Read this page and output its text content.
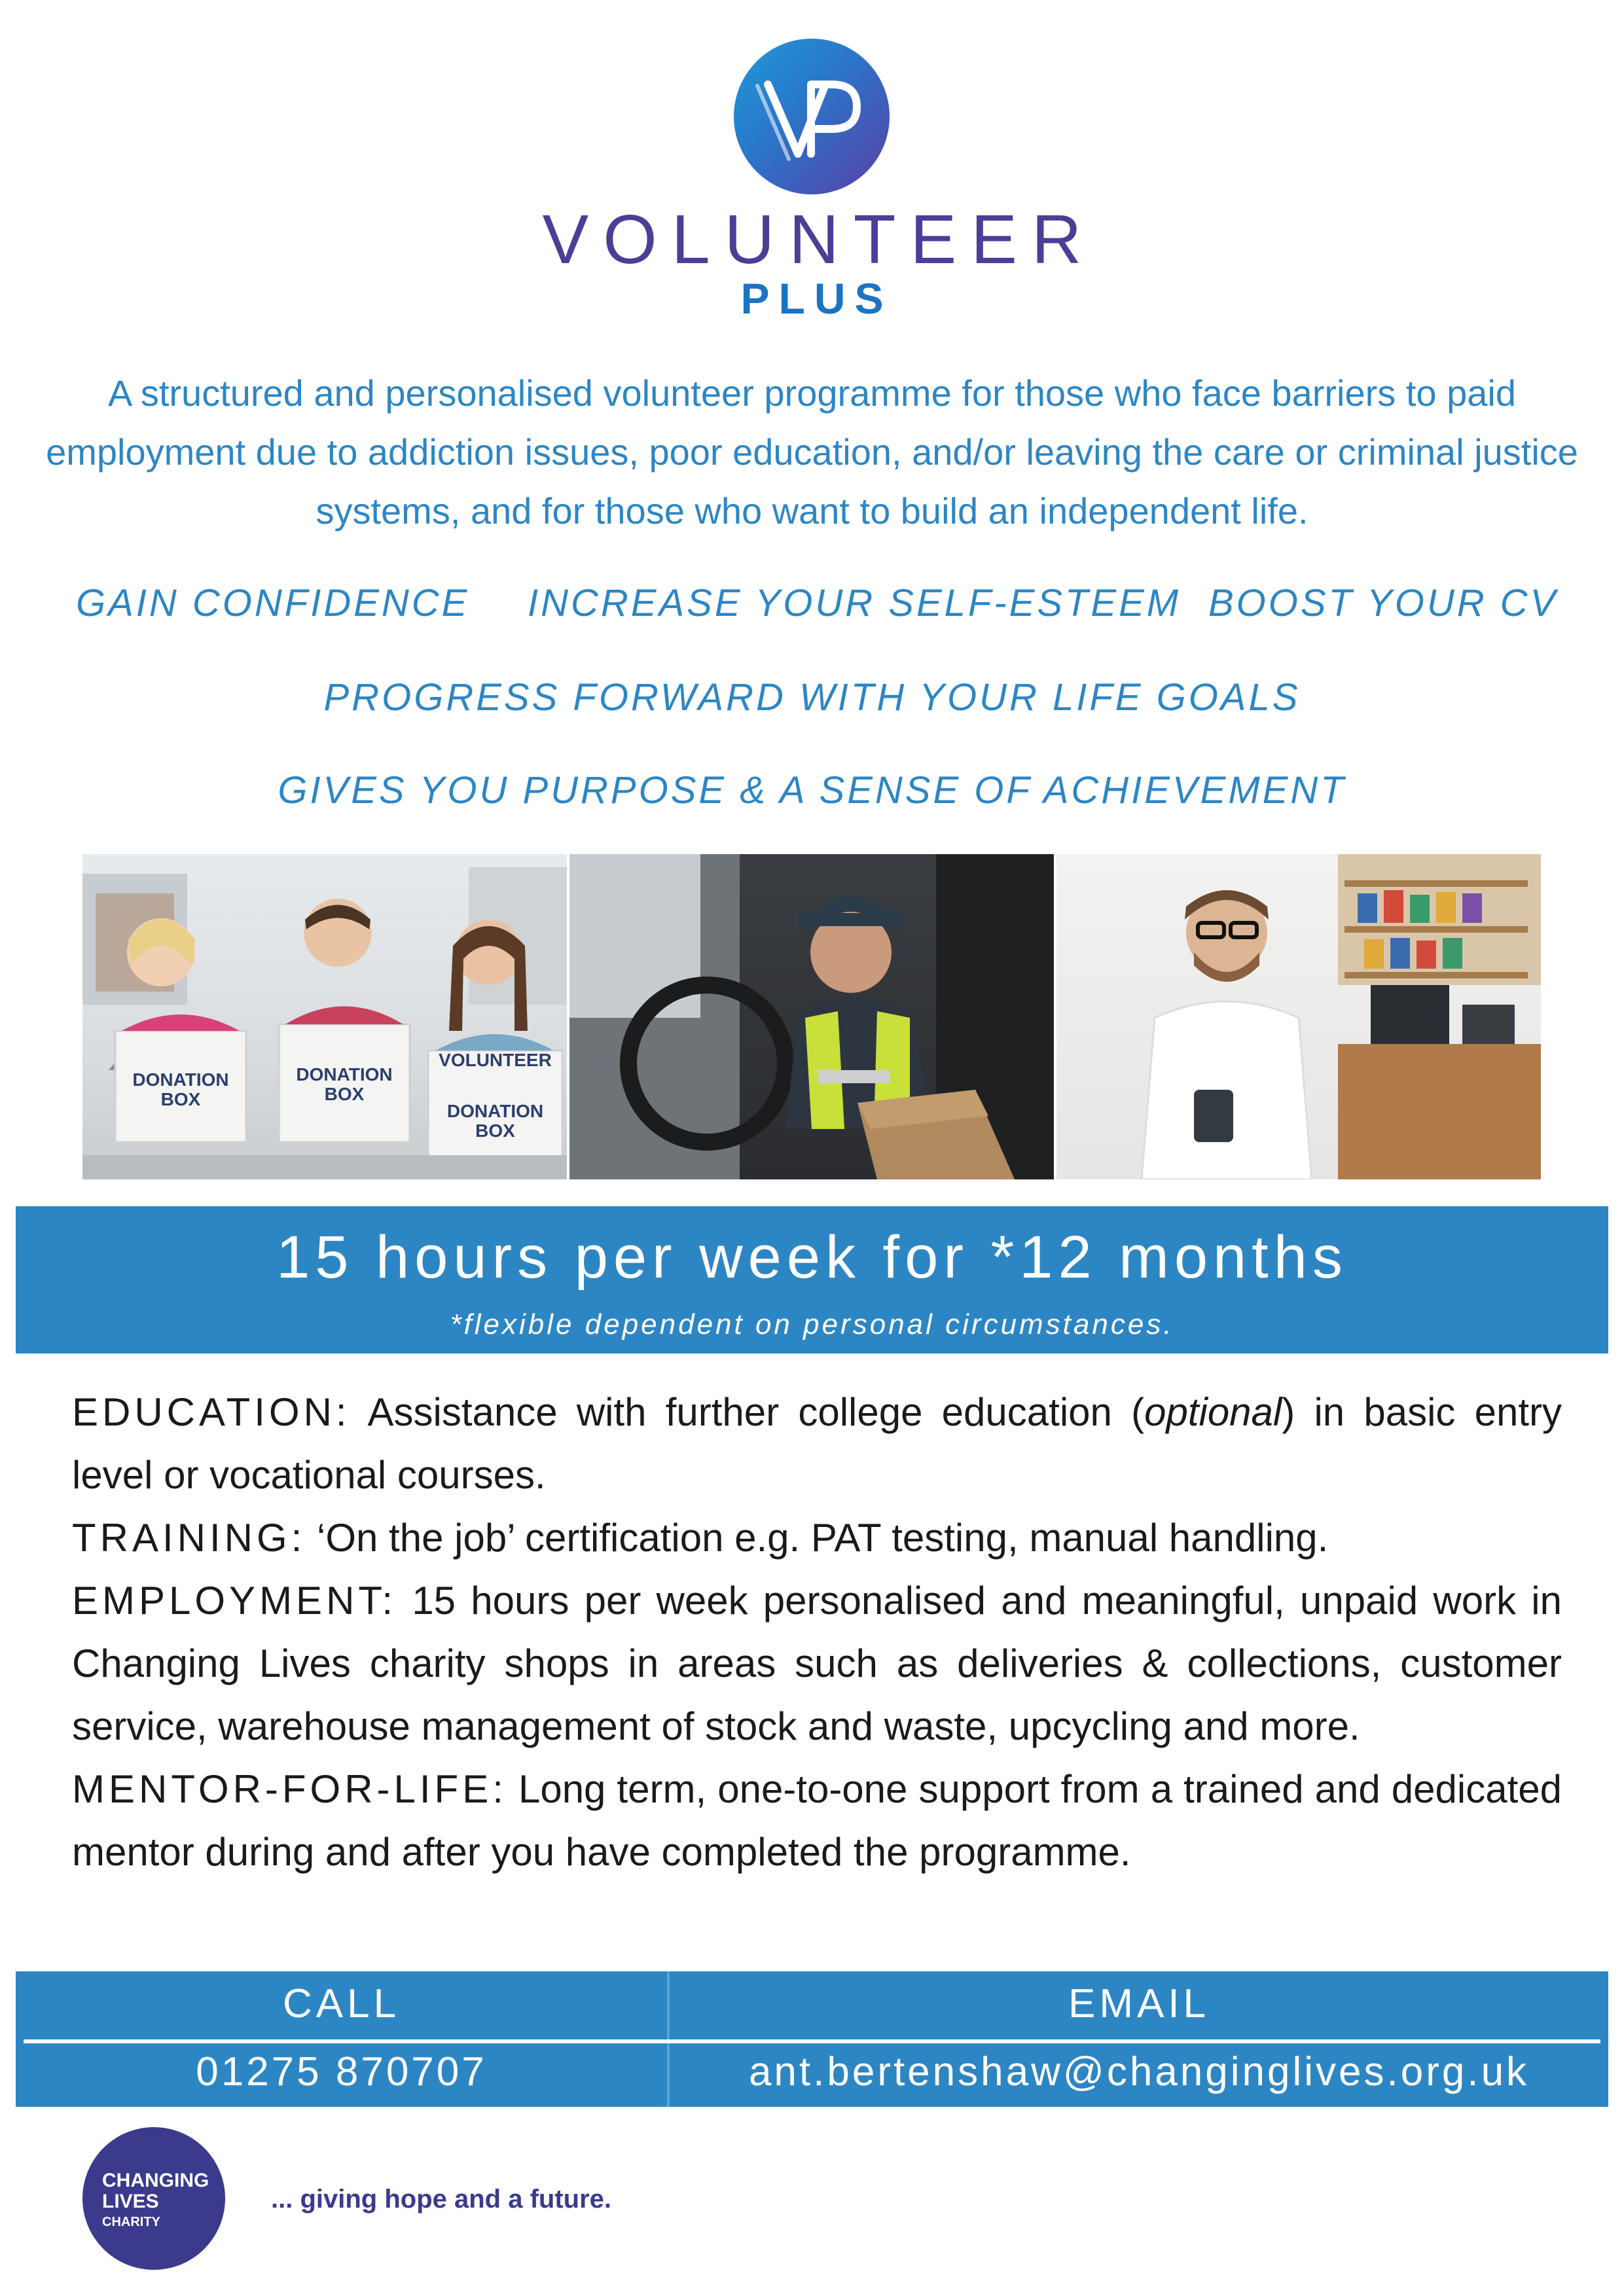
VOLUNTEER
PLUS
A structured and personalised volunteer programme for those who face barriers to paid employment due to addiction issues, poor education, and/or leaving the care or criminal justice systems, and for those who want to build an independent life.
GAIN CONFIDENCE INCREASE YOUR SELF-ESTEEM BOOST YOUR CV
PROGRESS FORWARD WITH YOUR LIFE GOALS
GIVES YOU PURPOSE & A SENSE OF ACHIEVEMENT
DONATION BOX
DONATION BOX
VOLUNTEER
DONATION BOX
15 hours per week for *12 months
*flexible dependent on personal circumstances.

EDUCATION: Assistance with further college education (optional) in basic entry level or vocational courses.

TRAINING: ‘On the job’ certification e.g. PAT testing, manual handling.

EMPLOYMENT: 15 hours per week personalised and meaningful, unpaid work in Changing Lives charity shops in areas such as deliveries & collections, customer service, warehouse management of stock and waste, upcycling and more.

MENTOR-FOR-LIFE: Long term, one-to-one support from a trained and dedicated mentor during and after you have completed the programme.

CALL	EMAIL
01275 870707	ant.bertenshaw@changinglives.org.uk
CHANGING
LIVES
CHARITY
... giving hope and a future.
